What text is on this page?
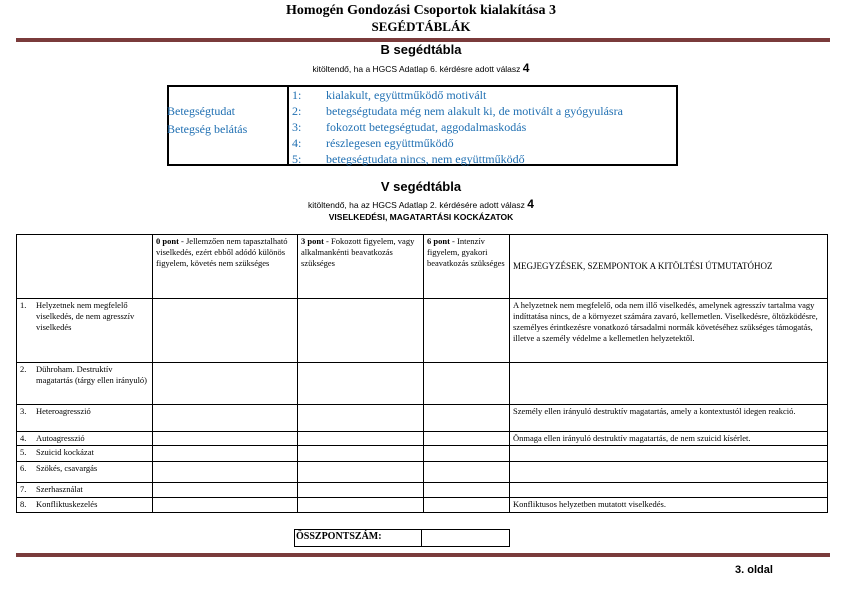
Homogén Gondozási Csoportok kialakítása 3
SEGÉDTÁBLÁK
B segédtábla
kitöltendő, ha a HGCS Adatlap 6. kérdésre adott válasz 4
Betegségtudat
Betegség belátás
1: kialakult, együttműködő motivált
2: betegségtudata még nem alakult ki, de motivált a gyógyulásra
3: fokozott betegségtudat, aggodalmaskodás
4: részlegesen együttműködő
5: betegségtudata nincs, nem együttműködő
V segédtábla
kitöltendő, ha az HGCS Adatlap 2. kérdésére adott válasz 4
VISELKEDÉSI, MAGATARTÁSI KOCKÁZATOK
	0 pont - Jellemzően nem tapasztalható viselkedés, ezért ebből adódó különös figyelem, követés nem szükséges	3 pont - Fokozott figyelem, vagy alkalmankénti beavatkozás szükséges	6 pont - Intenzív figyelem, gyakori beavatkozás szükséges	MEGJEGYZÉSEK, SZEMPONTOK A KITÖLTÉSI ÚTMUTATÓHOZ
1. Helyzetnek nem megfelelő viselkedés, de nem agresszív viselkedés				A helyzetnek nem megfelelő, oda nem illő viselkedés, amelynek agresszív tartalma vagy indíttatása nincs, de a környezet számára zavaró, kellemetlen. Viselkedésre, öltözködésre, személyes érintkezésre vonatkozó társadalmi normák követéséhez szükséges támogatás, illetve a személy védelme a kellemetlen helyzetektől.
2. Dühroham. Destruktív magatartás (tárgy ellen irányuló)				
3. Heteroagresszió				Személy ellen irányuló destruktív magatartás, amely a kontextustól idegen reakció.
4. Autoagresszió				Önmaga ellen irányuló destruktív magatartás, de nem szuicid kísérlet.
5. Szuicid kockázat				
6. Szökés, csavargás				
7. Szerhasználat				
8. Konfliktuskezelés				Konfliktusos helyzetben mutatott viselkedés.
ÖSSZPONTSZÁM:
3. oldal
